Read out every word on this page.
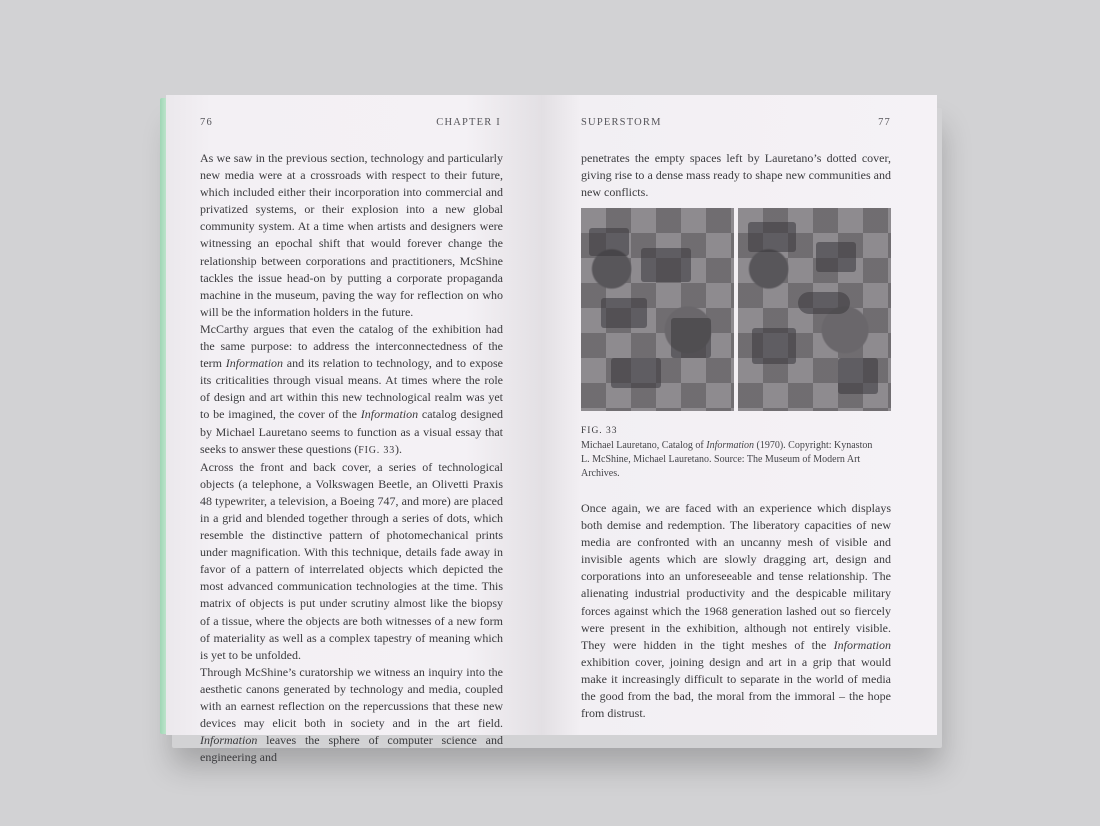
76	CHAPTER I

As we saw in the previous section, technology and particularly new media were at a crossroads with respect to their future, which included either their incorporation into commercial and privatized systems, or their explosion into a new global community system. At a time when artists and designers were witnessing an epochal shift that would forever change the relationship between corporations and practitioners, McShine tackles the issue head-on by putting a corporate propaganda machine in the museum, paving the way for reflection on who will be the information holders in the future.

McCarthy argues that even the catalog of the exhibition had the same purpose: to address the interconnectedness of the term Information and its relation to technology, and to expose its criticalities through visual means. At times where the role of design and art within this new technological realm was yet to be imagined, the cover of the Information catalog designed by Michael Lauretano seems to function as a visual essay that seeks to answer these questions (FIG. 33).

Across the front and back cover, a series of technological objects (a telephone, a Volkswagen Beetle, an Olivetti Praxis 48 typewriter, a television, a Boeing 747, and more) are placed in a grid and blended together through a series of dots, which resemble the distinctive pattern of photomechanical prints under magnification. With this technique, details fade away in favor of a pattern of interrelated objects which depicted the most advanced communication technologies at the time. This matrix of objects is put under scrutiny almost like the biopsy of a tissue, where the objects are both witnesses of a new form of materiality as well as a complex tapestry of meaning which is yet to be unfolded.

Through McShine’s curatorship we witness an inquiry into the aesthetic canons generated by technology and media, coupled with an earnest reflection on the repercussions that these new devices may elicit both in society and in the art field. Information leaves the sphere of computer science and engineering and

SUPERSTORM	77
penetrates the empty spaces left by Lauretano’s dotted cover, giving rise to a dense mass ready to shape new communities and new conflicts.
FIG. 33
Michael Lauretano, Catalog of Information (1970). Copyright: Kynaston L. McShine, Michael Lauretano. Source: The Museum of Modern Art Archives.
Once again, we are faced with an experience which displays both demise and redemption. The liberatory capacities of new media are confronted with an uncanny mesh of visible and invisible agents which are slowly dragging art, design and corporations into an unforeseeable and tense relationship. The alienating industrial productivity and the despicable military forces against which the 1968 generation lashed out so fiercely were present in the exhibition, although not entirely visible. They were hidden in the tight meshes of the Information exhibition cover, joining design and art in a grip that would make it increasingly difficult to separate in the world of media the good from the bad, the moral from the immoral – the hope from distrust.
